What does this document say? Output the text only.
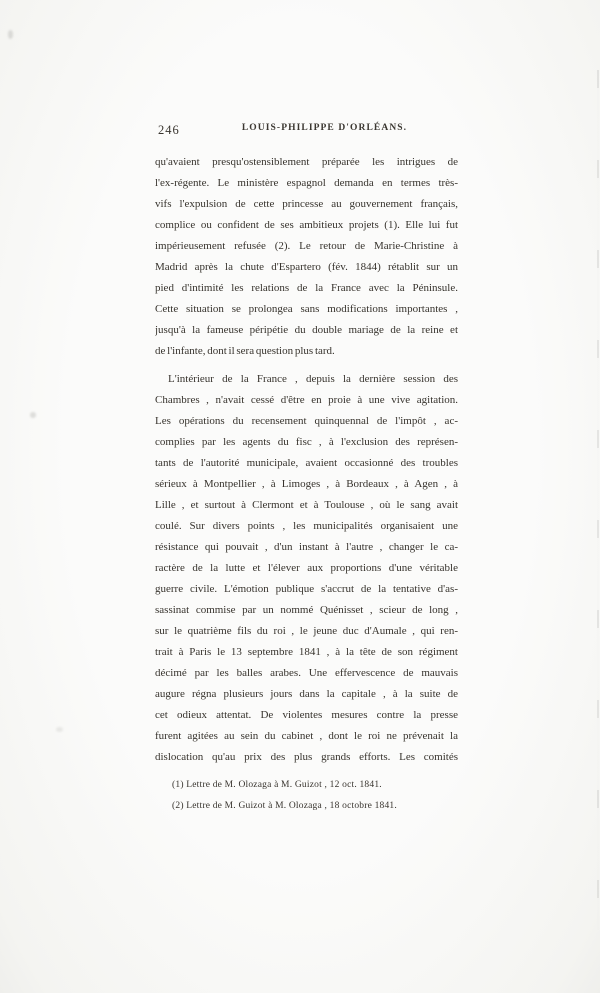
246	LOUIS-PHILIPPE D'ORLÉANS.
qu'avaient presqu'ostensiblement préparée les intrigues de
l'ex-régente. Le ministère espagnol demanda en termes très-
vifs l'expulsion de cette princesse au gouvernement français,
complice ou confident de ses ambitieux projets (1). Elle lui fut
impérieusement refusée (2). Le retour de Marie-Christine à
Madrid après la chute d'Espartero (fév. 1844) rétablit sur un
pied d'intimité les relations de la France avec la Péninsule.
Cette situation se prolongea sans modifications importantes ,
jusqu'à la fameuse péripétie du double mariage de la reine et
de l'infante, dont il sera question plus tard.
L'intérieur de la France , depuis la dernière session des
Chambres , n'avait cessé d'être en proie à une vive agitation.
Les opérations du recensement quinquennal de l'impôt , ac-
complies par les agents du fisc , à l'exclusion des représen-
tants de l'autorité municipale, avaient occasionné des troubles
sérieux à Montpellier , à Limoges , à Bordeaux , à Agen , à
Lille , et surtout à Clermont et à Toulouse , où le sang avait
coulé. Sur divers points , les municipalités organisaient une
résistance qui pouvait , d'un instant à l'autre , changer le ca-
ractère de la lutte et l'élever aux proportions d'une véritable
guerre civile. L'émotion publique s'accrut de la tentative d'as-
sassinat commise par un nommé Quénisset , scieur de long ,
sur le quatrième fils du roi , le jeune duc d'Aumale , qui ren-
trait à Paris le 13 septembre 1841 , à la tête de son régiment
décimé par les balles arabes. Une effervescence de mauvais
augure régna plusieurs jours dans la capitale , à la suite de
cet odieux attentat. De violentes mesures contre la presse
furent agitées au sein du cabinet , dont le roi ne prévenait la
dislocation qu'au prix des plus grands efforts. Les comités
(1) Lettre de M. Olozaga à M. Guizot , 12 oct. 1841.
(2) Lettre de M. Guizot à M. Olozaga , 18 octobre 1841.
